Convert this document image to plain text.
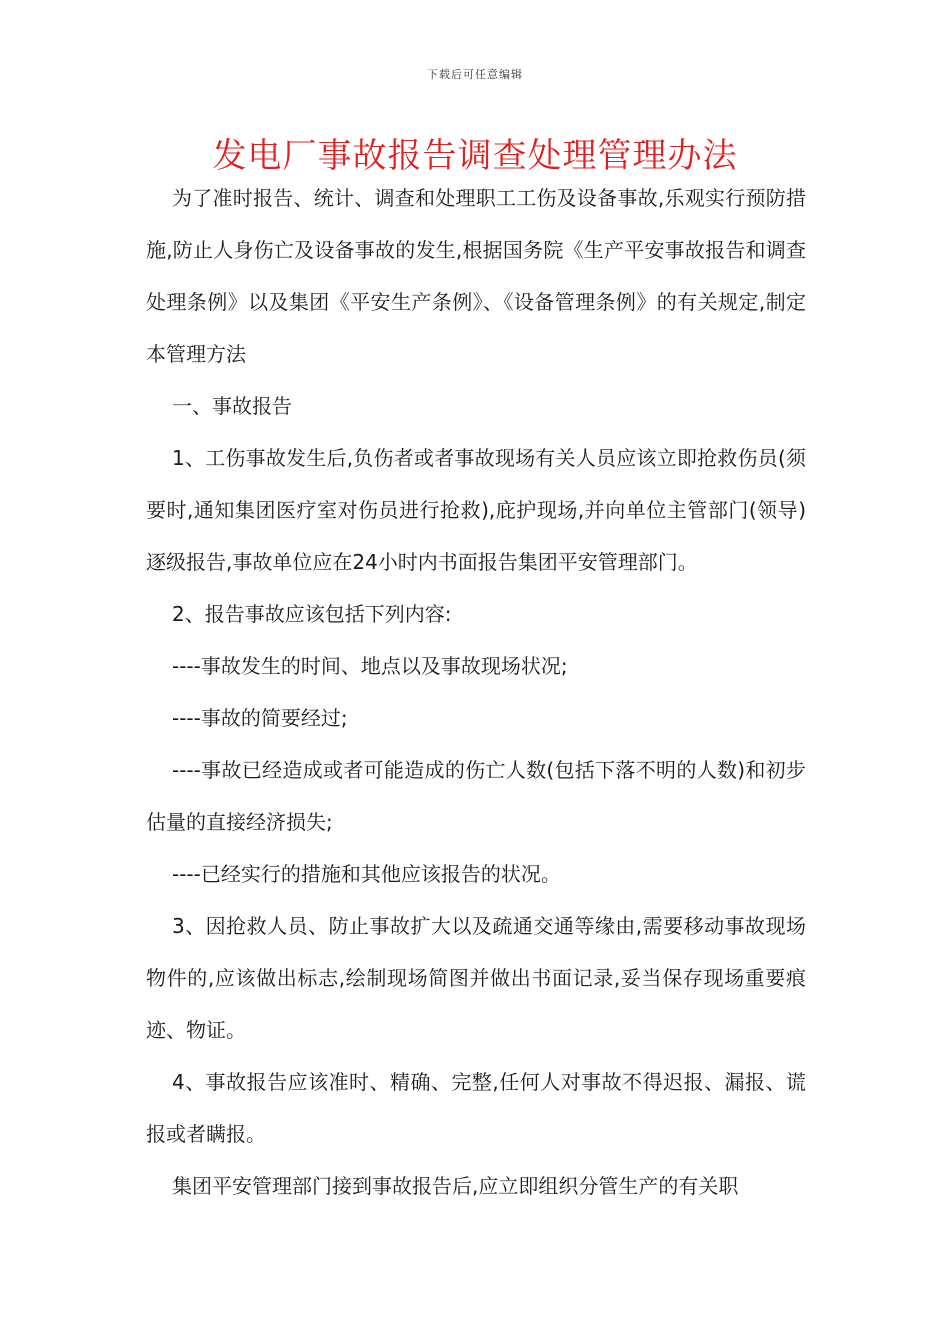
下载后可任意编辑
发电厂事故报告调查处理管理办法

为了准时报告、统计、调查和处理职工工伤及设备事故,乐观实行预防措施,防止人身伤亡及设备事故的发生,根据国务院《生产平安事故报告和调查处理条例》以及集团《平安生产条例》、《设备管理条例》的有关规定,制定本管理方法

一、事故报告

1、工伤事故发生后,负伤者或者事故现场有关人员应该立即抢救伤员(须要时,通知集团医疗室对伤员进行抢救),庇护现场,并向单位主管部门(领导)逐级报告,事故单位应在24小时内书面报告集团平安管理部门。

2、报告事故应该包括下列内容:

----事故发生的时间、地点以及事故现场状况;

----事故的简要经过;

----事故已经造成或者可能造成的伤亡人数(包括下落不明的人数)和初步估量的直接经济损失;

----已经实行的措施和其他应该报告的状况。

3、因抢救人员、防止事故扩大以及疏通交通等缘由,需要移动事故现场物件的,应该做出标志,绘制现场简图并做出书面记录,妥当保存现场重要痕迹、物证。

4、事故报告应该准时、精确、完整,任何人对事故不得迟报、漏报、谎报或者瞒报。

集团平安管理部门接到事故报告后,应立即组织分管生产的有关职
